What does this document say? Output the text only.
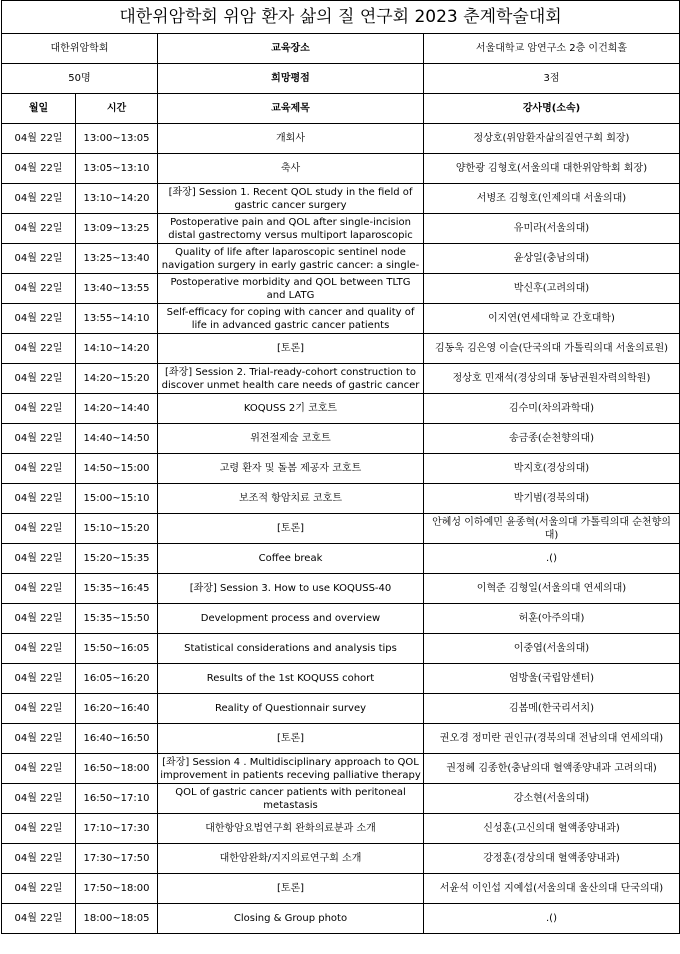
대한위암학회 위암 환자 삶의 질 연구회 2023 춘계학술대회			
대한위암학회		교육장소	서울대학교 암연구소 2층 이건희홀
50명		희망평점	3점
월일	시간	교육제목	강사명(소속)

04월 22일	13:00~13:05	개회사	정상호(위암환자삶의질연구회 회장)

04월 22일	13:05~13:10	축사	양한광 김형호(서울의대 대한위암학회 회장)

04월 22일	13:10~14:20	[좌장] Session 1. Recent QOL study in the field of gastric cancer surgery	서병조 김형호(인제의대 서울의대)

04월 22일	13:09~13:25	Postoperative pain and QOL after single-incision distal gastrectomy versus multiport laparoscopic	유미라(서울의대)

04월 22일	13:25~13:40	Quality of life after laparoscopic sentinel node navigation surgery in early gastric cancer: a single-	윤상일(충남의대)

04월 22일	13:40~13:55	Postoperative morbidity and QOL between TLTG and LATG	박신후(고려의대)

04월 22일	13:55~14:10	Self-efficacy for coping with cancer and quality of life in advanced gastric cancer patients	이지연(연세대학교 간호대학)

04월 22일	14:10~14:20	[토론]	김동욱 김은영 이슬(단국의대 가톨릭의대 서울의료원)

04월 22일	14:20~15:20	[좌장] Session 2. Trial-ready-cohort construction to discover unmet health care needs of gastric cancer	정상호 민재석(경상의대 동남권원자력의학원)

04월 22일	14:20~14:40	KOQUSS 2기 코호트	김수미(차의과학대)

04월 22일	14:40~14:50	위전절제술 코호트	송금종(순천향의대)

04월 22일	14:50~15:00	고령 환자 및 돌봄 제공자 코호트	박지호(경상의대)

04월 22일	15:00~15:10	보조적 항암치료 코호트	박기범(경북의대)

04월 22일	15:10~15:20	[토론]	안혜성 이하예민 윤종혁(서울의대 가톨릭의대 순천향의대)

04월 22일	15:20~15:35	Coffee break	.()

04월 22일	15:35~16:45	[좌장] Session 3. How to use KOQUSS-40	이혁준 김형일(서울의대 연세의대)

04월 22일	15:35~15:50	Development process and overview	허훈(아주의대)

04월 22일	15:50~16:05	Statistical considerations and analysis tips	이중엽(서울의대)

04월 22일	16:05~16:20	Results of the 1st KOQUSS cohort	엄방울(국립암센터)

04월 22일	16:20~16:40	Reality of Questionnair survey	김봄메(한국리서치)

04월 22일	16:40~16:50	[토론]	권오경 정미란 권인규(경북의대 전남의대 연세의대)

04월 22일	16:50~18:00	[좌장] Session 4 . Multidisciplinary approach to QOL improvement in patients receving palliative therapy	권정혜 김종한(충남의대 혈액종양내과 고려의대)

04월 22일	16:50~17:10	QOL of gastric cancer patients with peritoneal metastasis	강소현(서울의대)

04월 22일	17:10~17:30	대한항암요법연구회 완화의료분과 소개	신성훈(고신의대 혈액종양내과)

04월 22일	17:30~17:50	대한암완화/지지의료연구회 소개	강정훈(경상의대 혈액종양내과)

04월 22일	17:50~18:00	[토론]	서윤석 이인섭 지예섭(서울의대 울산의대 단국의대)

04월 22일	18:00~18:05	Closing & Group photo	.()
